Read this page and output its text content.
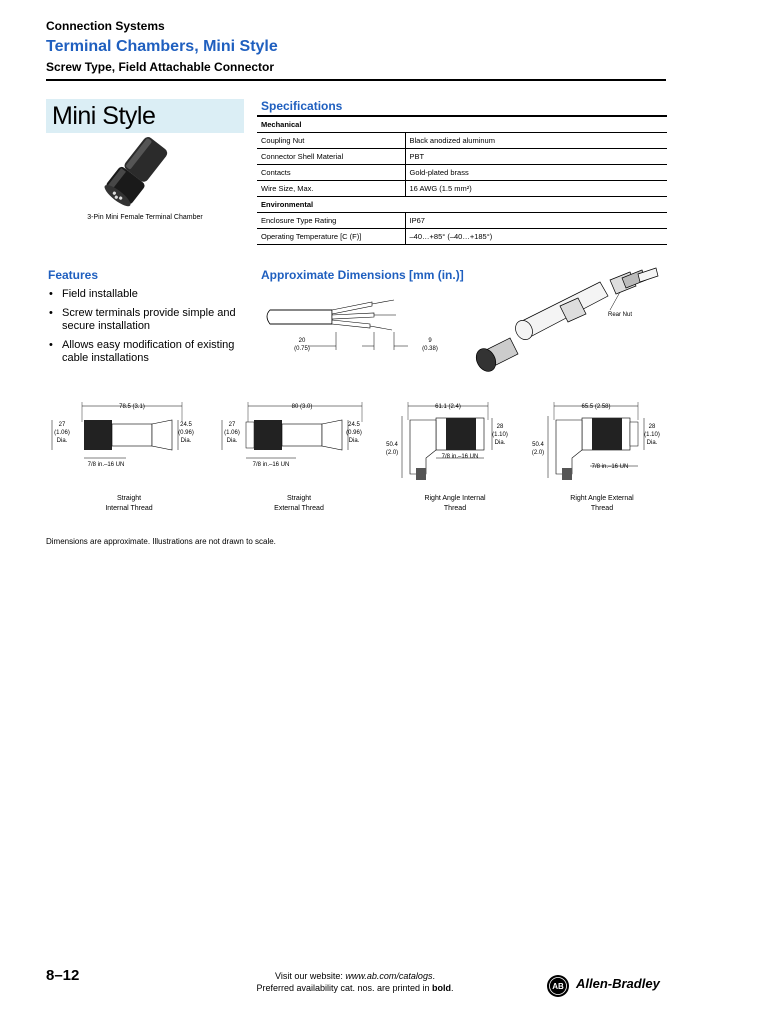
Connection Systems
Terminal Chambers, Mini Style
Screw Type, Field Attachable Connector
Mini Style
3-Pin Mini Female Terminal Chamber
Specifications
Mechanical	
Coupling Nut	Black anodized aluminum
Connector Shell Material	PBT
Contacts	Gold-plated brass
Wire Size, Max.	16 AWG (1.5 mm²)
Environmental	
Enclosure Type Rating	IP67
Operating Temperature [C (F)]	–40…+85° (–40…+185°)
Features
• Field installable
• Screw terminals provide simple and secure installation
• Allows easy modification of existing cable installations
Approximate Dimensions [mm (in.)]
20
(0.75)
9
(0.38)
Rear Nut
78.5 (3.1)
27
(1.06)
Dia.
24.5
(0.96)
Dia.
7/8 in.–16 UN
Straight
Internal Thread
80 (3.0)
27
(1.06)
Dia.
24.5
(0.96)
Dia.
7/8 in.–16 UN
Straight
External Thread
61.1 (2.4)
50.4
(2.0)
28
(1.10)
Dia.
7/8 in.–16 UN
Right Angle Internal
Thread
65.5 (2.58)
50.4
(2.0)
28
(1.10)
Dia.
7/8 in.–16 UN
Right Angle External
Thread
Dimensions are approximate. Illustrations are not drawn to scale.
8–12	Visit our website: www.ab.com/catalogs.
Preferred availability cat. nos. are printed in bold.	AB Allen-Bradley
